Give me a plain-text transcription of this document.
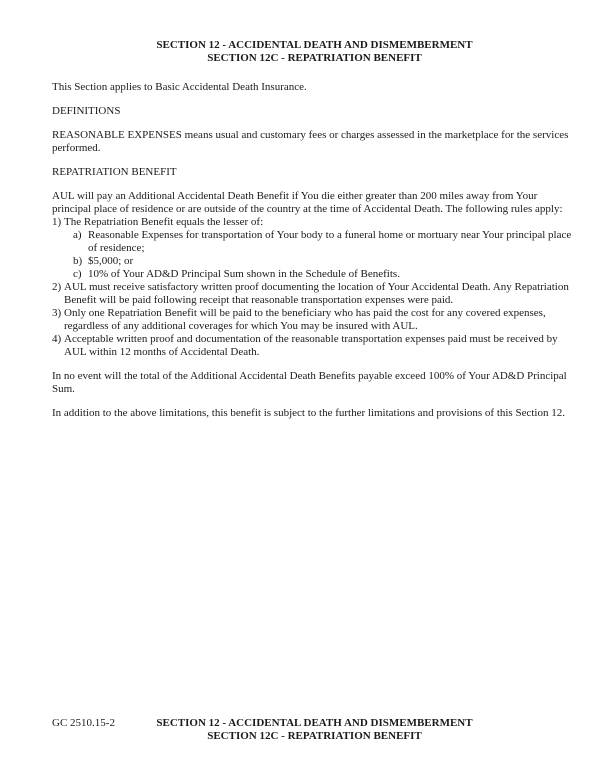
SECTION 12 - ACCIDENTAL DEATH AND DISMEMBERMENT
SECTION 12C - REPATRIATION BENEFIT

This Section applies to Basic Accidental Death Insurance.

DEFINITIONS

REASONABLE EXPENSES means usual and customary fees or charges assessed in the marketplace for the services performed.

REPATRIATION BENEFIT

AUL will pay an Additional Accidental Death Benefit if You die either greater than 200 miles away from Your principal place of residence or are outside of the country at the time of Accidental Death. The following rules apply:

1) The Repatriation Benefit equals the lesser of:
a) Reasonable Expenses for transportation of Your body to a funeral home or mortuary near Your principal place of residence;
b) $5,000; or
c) 10% of Your AD&D Principal Sum shown in the Schedule of Benefits.
2) AUL must receive satisfactory written proof documenting the location of Your Accidental Death. Any Repatriation Benefit will be paid following receipt that reasonable transportation expenses were paid.
3) Only one Repatriation Benefit will be paid to the beneficiary who has paid the cost for any covered expenses, regardless of any additional coverages for which You may be insured with AUL.
4) Acceptable written proof and documentation of the reasonable transportation expenses paid must be received by AUL within 12 months of Accidental Death.

In no event will the total of the Additional Accidental Death Benefits payable exceed 100% of Your AD&D Principal Sum.

In addition to the above limitations, this benefit is subject to the further limitations and provisions of this Section 12.

GC 2510.15-2	SECTION 12 - ACCIDENTAL DEATH AND DISMEMBERMENT
SECTION 12C - REPATRIATION BENEFIT
